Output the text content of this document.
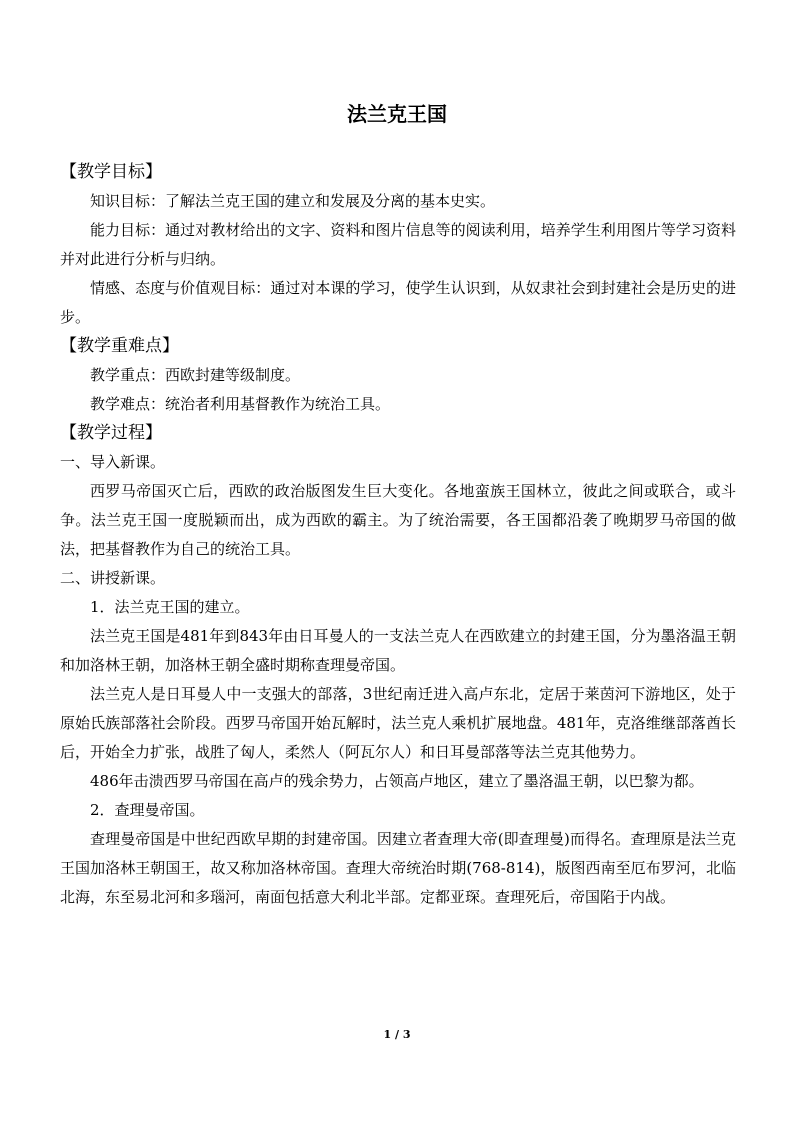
法兰克王国

【教学目标】

知识目标：了解法兰克王国的建立和发展及分离的基本史实。

能力目标：通过对教材给出的文字、资料和图片信息等的阅读利用，培养学生利用图片等学习资料并对此进行分析与归纳。

情感、态度与价值观目标：通过对本课的学习，使学生认识到，从奴隶社会到封建社会是历史的进步。

【教学重难点】

教学重点：西欧封建等级制度。

教学难点：统治者利用基督教作为统治工具。

【教学过程】

一、导入新课。

西罗马帝国灭亡后，西欧的政治版图发生巨大变化。各地蛮族王国林立，彼此之间或联合，或斗争。法兰克王国一度脱颖而出，成为西欧的霸主。为了统治需要，各王国都沿袭了晚期罗马帝国的做法，把基督教作为自己的统治工具。

二、讲授新课。

1．法兰克王国的建立。

法兰克王国是481年到843年由日耳曼人的一支法兰克人在西欧建立的封建王国，分为墨洛温王朝和加洛林王朝，加洛林王朝全盛时期称查理曼帝国。

法兰克人是日耳曼人中一支强大的部落，3世纪南迁进入高卢东北，定居于莱茵河下游地区，处于原始氏族部落社会阶段。西罗马帝国开始瓦解时，法兰克人乘机扩展地盘。481年，克洛维继部落酋长后，开始全力扩张，战胜了匈人，柔然人（阿瓦尔人）和日耳曼部落等法兰克其他势力。

486年击溃西罗马帝国在高卢的残余势力，占领高卢地区，建立了墨洛温王朝，以巴黎为都。

2．查理曼帝国。

查理曼帝国是中世纪西欧早期的封建帝国。因建立者查理大帝(即查理曼)而得名。查理原是法兰克王国加洛林王朝国王，故又称加洛林帝国。查理大帝统治时期(768-814)，版图西南至厄布罗河，北临北海，东至易北河和多瑙河，南面包括意大利北半部。定都亚琛。查理死后，帝国陷于内战。

1 / 3
